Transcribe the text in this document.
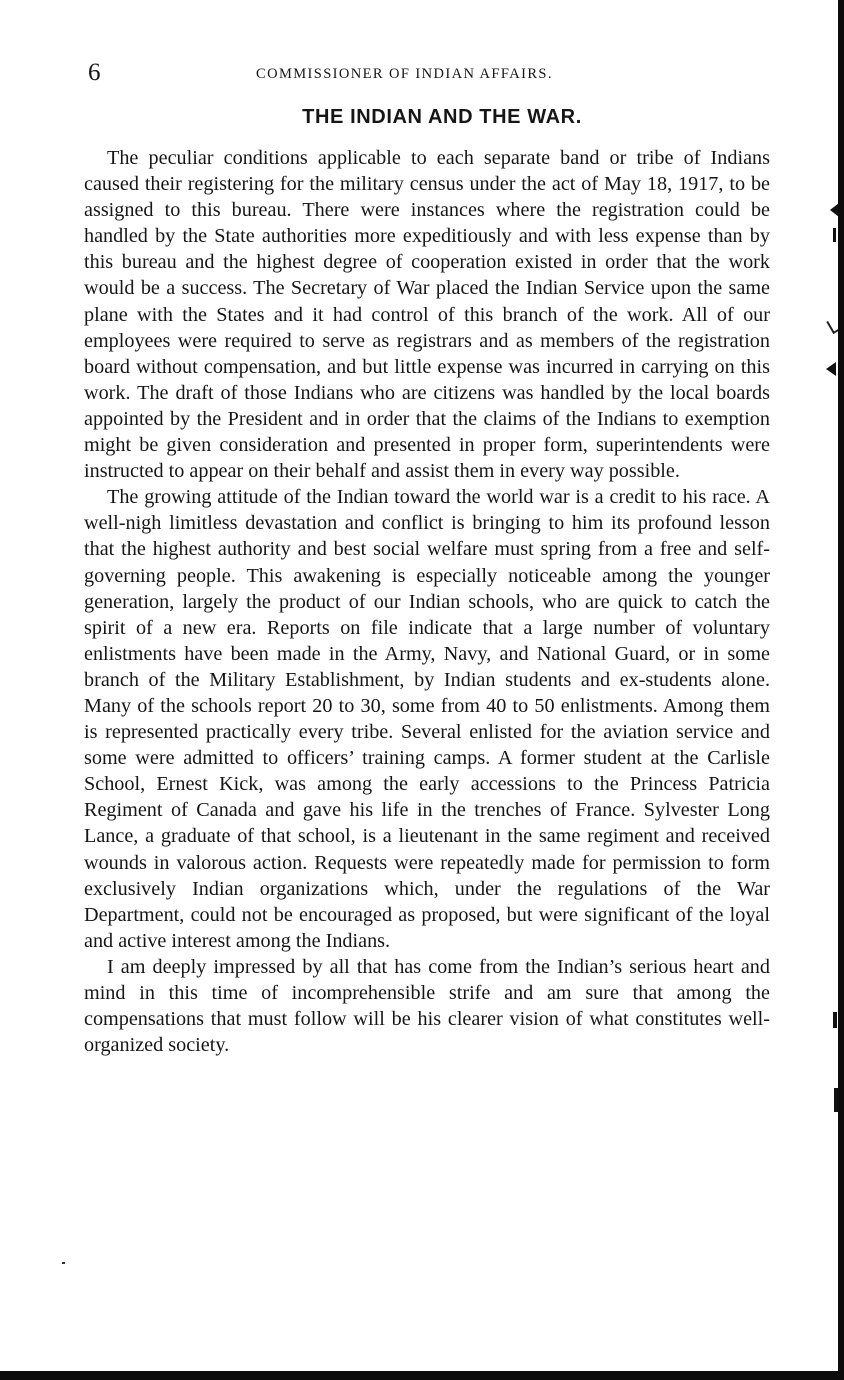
6	COMMISSIONER OF INDIAN AFFAIRS.
THE INDIAN AND THE WAR.

The peculiar conditions applicable to each separate band or tribe of Indians caused their registering for the military census under the act of May 18, 1917, to be assigned to this bureau. There were instances where the registration could be handled by the State authorities more expeditiously and with less expense than by this bureau and the highest degree of cooperation existed in order that the work would be a success. The Secretary of War placed the Indian Service upon the same plane with the States and it had control of this branch of the work. All of our employees were required to serve as registrars and as members of the registration board without compensation, and but little expense was incurred in carrying on this work. The draft of those Indians who are citizens was handled by the local boards appointed by the President and in order that the claims of the Indians to exemption might be given consideration and presented in proper form, superintendents were instructed to appear on their behalf and assist them in every way possible.

The growing attitude of the Indian toward the world war is a credit to his race. A well-nigh limitless devastation and conflict is bringing to him its profound lesson that the highest authority and best social welfare must spring from a free and self-governing people. This awakening is especially noticeable among the younger generation, largely the product of our Indian schools, who are quick to catch the spirit of a new era. Reports on file indicate that a large number of voluntary enlistments have been made in the Army, Navy, and National Guard, or in some branch of the Military Establishment, by Indian students and ex-students alone. Many of the schools report 20 to 30, some from 40 to 50 enlistments. Among them is represented practically every tribe. Several enlisted for the aviation service and some were admitted to officers’ training camps. A former student at the Carlisle School, Ernest Kick, was among the early accessions to the Princess Patricia Regiment of Canada and gave his life in the trenches of France. Sylvester Long Lance, a graduate of that school, is a lieutenant in the same regiment and received wounds in valorous action. Requests were repeatedly made for permission to form exclusively Indian organizations which, under the regulations of the War Department, could not be encouraged as proposed, but were significant of the loyal and active interest among the Indians.

I am deeply impressed by all that has come from the Indian’s serious heart and mind in this time of incomprehensible strife and am sure that among the compensations that must follow will be his clearer vision of what constitutes well-organized society.
